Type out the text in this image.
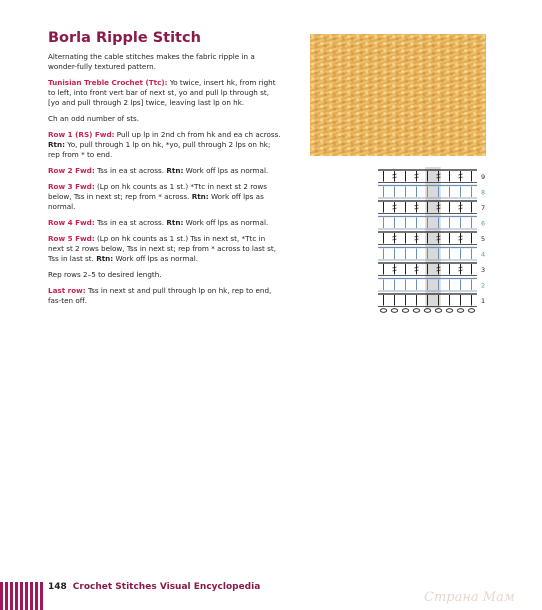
Borla Ripple Stitch

Alternating the cable stitches makes the fabric ripple in a wonder-fully textured pattern.

Tunisian Treble Crochet (Ttc): Yo twice, insert hk, from right to left, into front vert bar of next st, yo and pull lp through st, [yo and pull through 2 lps] twice, leaving last lp on hk.

Ch an odd number of sts.

Row 1 (RS) Fwd: Pull up lp in 2nd ch from hk and ea ch across. Rtn: Yo, pull through 1 lp on hk, *yo, pull through 2 lps on hk; rep from * to end.

Row 2 Fwd: Tss in ea st across. Rtn: Work off lps as normal.

Row 3 Fwd: (Lp on hk counts as 1 st.) *Ttc in next st 2 rows below, Tss in next st; rep from * across. Rtn: Work off lps as normal.

Row 4 Fwd: Tss in ea st across. Rtn: Work off lps as normal.

Row 5 Fwd: (Lp on hk counts as 1 st.) Tss in next st, *Ttc in next st 2 rows below, Tss in next st; rep from * across to last st, Tss in last st. Rtn: Work off lps as normal.

Rep rows 2–5 to desired length.

Last row: Tss in next st and pull through lp on hk, rep to end, fas-ten off.

9
8
7
6
5
4
3
2
1
148 Crochet Stitches Visual Encyclopedia
Страна Мам
